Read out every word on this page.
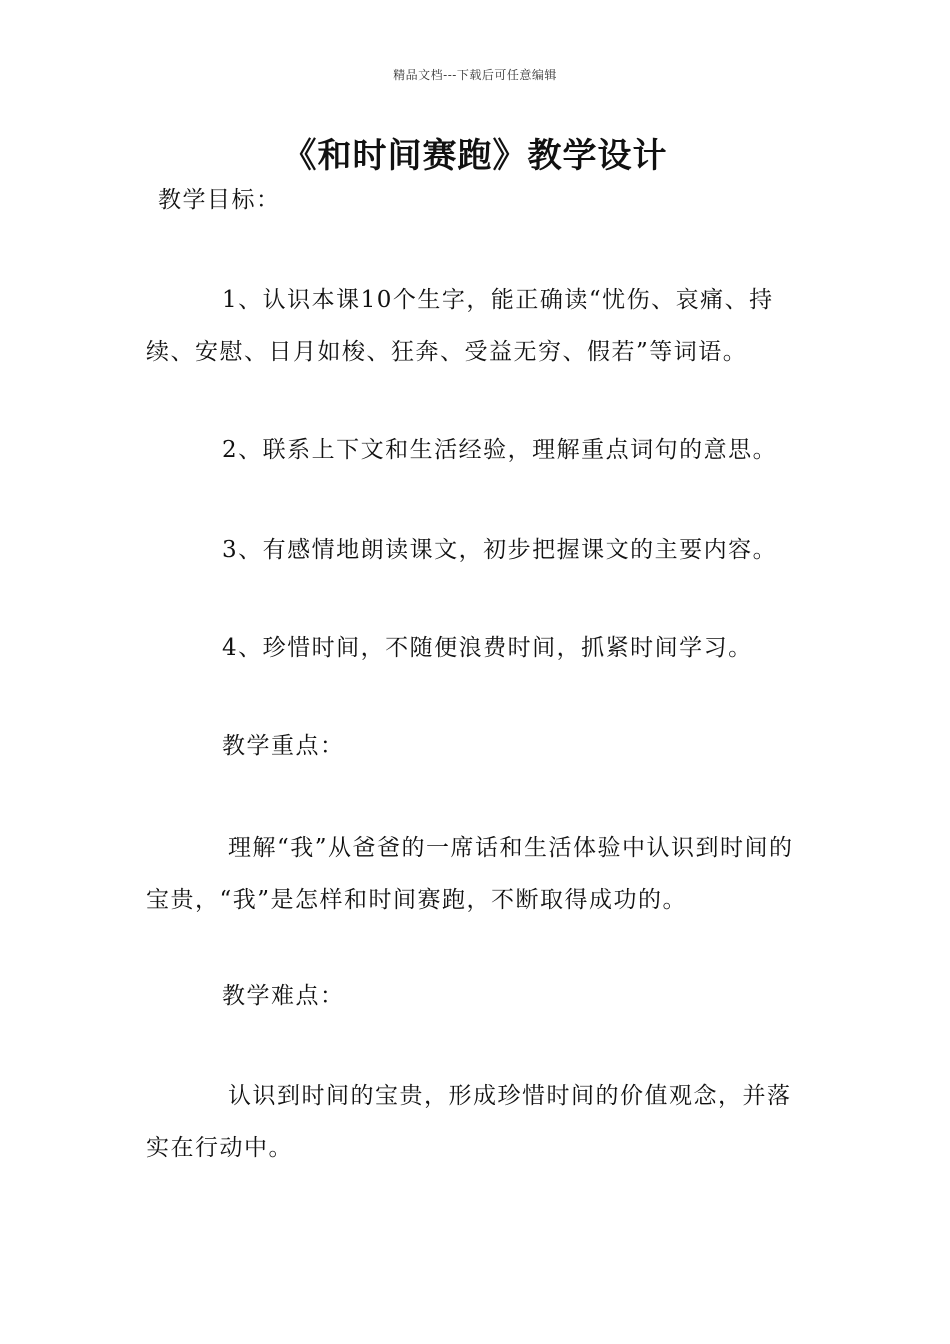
精品文档---下载后可任意编辑
《和时间赛跑》教学设计
教学目标：
1、认识本课10个生字，能正确读“忧伤、哀痛、持续、安慰、日月如梭、狂奔、受益无穷、假若”等词语。
2、联系上下文和生活经验，理解重点词句的意思。
3、有感情地朗读课文，初步把握课文的主要内容。
4、珍惜时间，不随便浪费时间，抓紧时间学习。
教学重点：
理解“我”从爸爸的一席话和生活体验中认识到时间的宝贵，“我”是怎样和时间赛跑，不断取得成功的。
教学难点：
认识到时间的宝贵，形成珍惜时间的价值观念，并落实在行动中。
